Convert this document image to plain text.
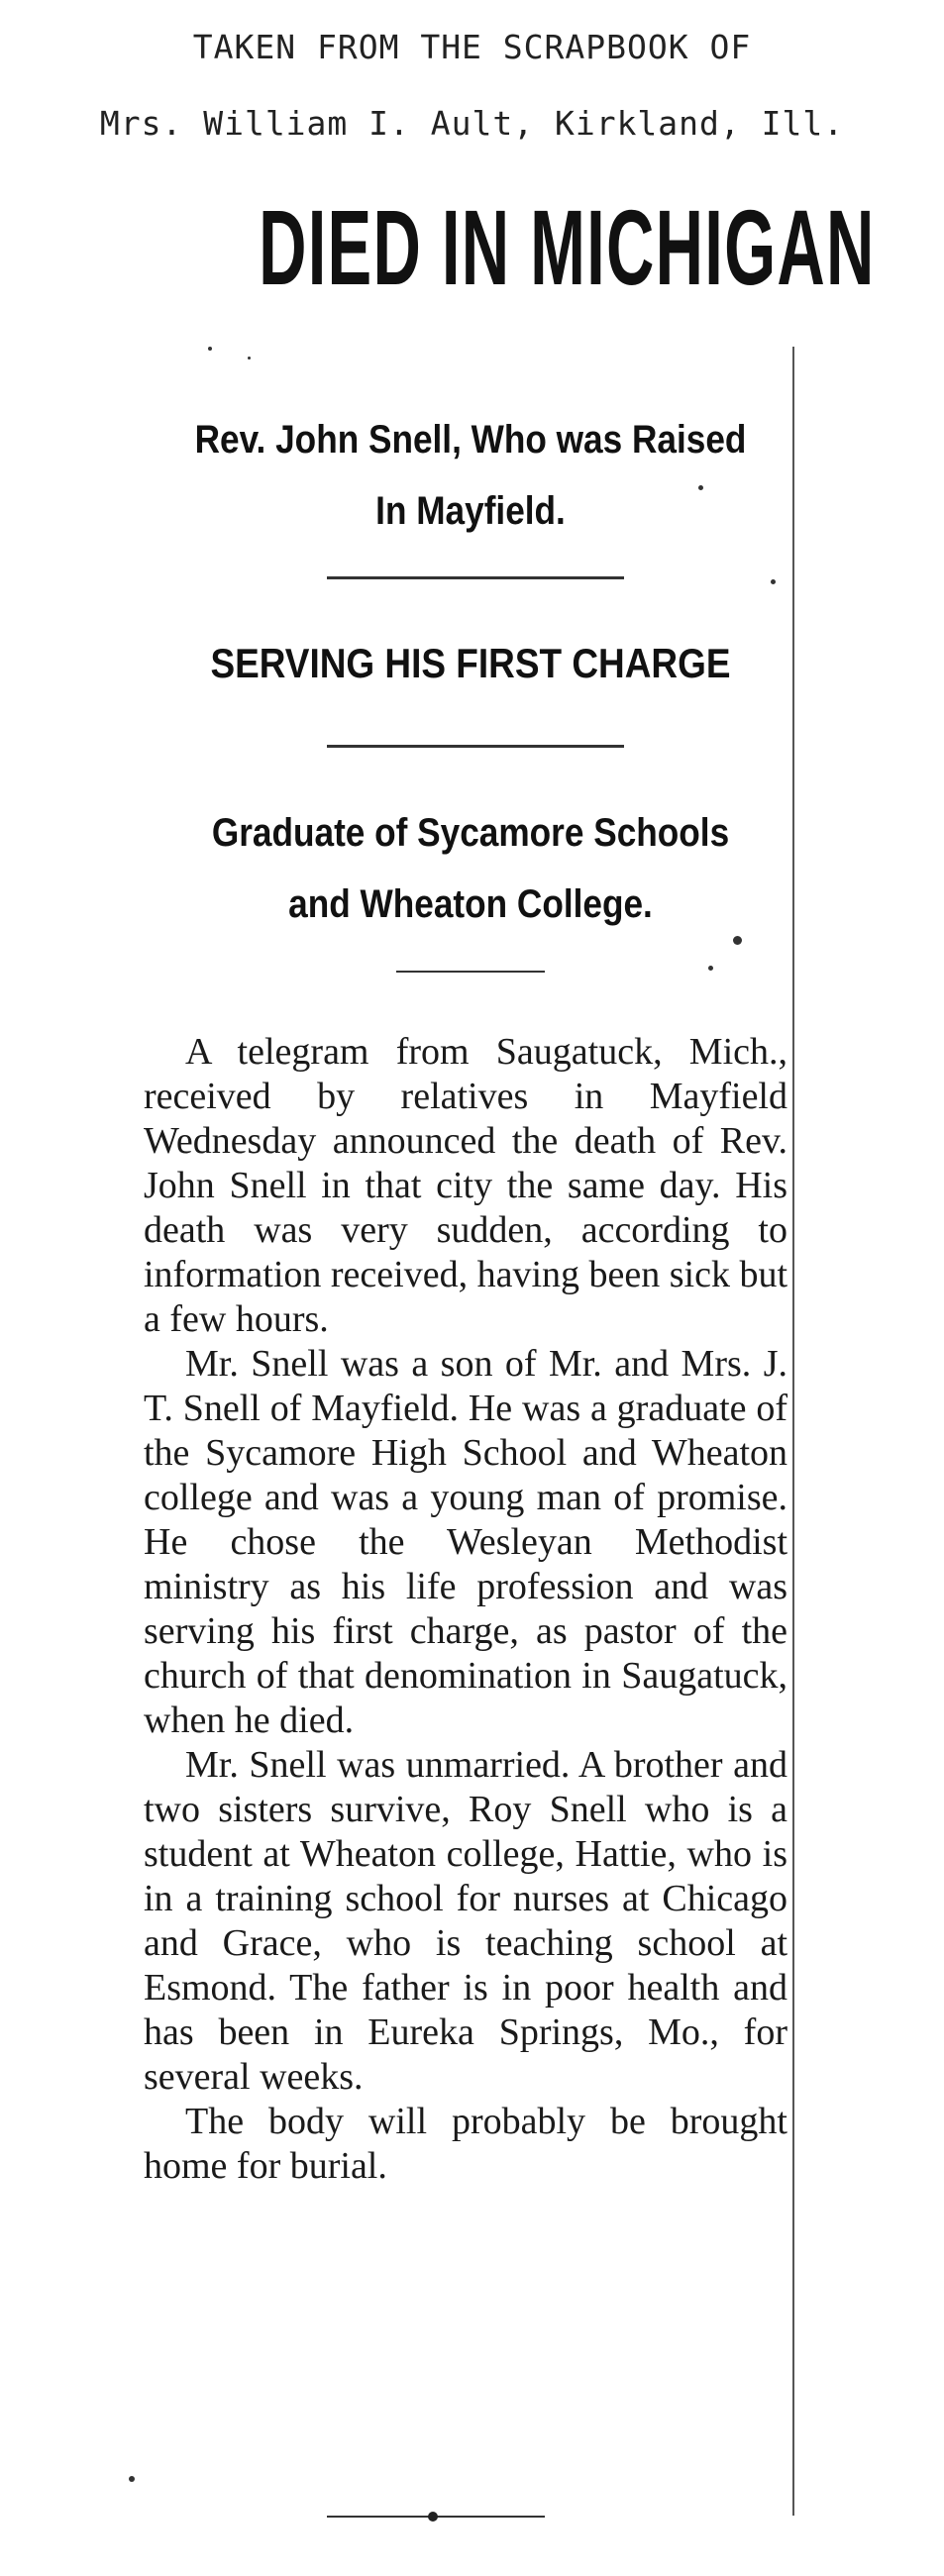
TAKEN FROM THE SCRAPBOOK OF
Mrs. William I. Ault, Kirkland, Ill.
DIED IN MICHIGAN
Rev. John Snell, Who was Raised In Mayfield.
SERVING HIS FIRST CHARGE
Graduate of Sycamore Schools and Wheaton College.

A telegram from Saugatuck, Mich., received by relatives in Mayfield Wednesday announced the death of Rev. John Snell in that city the same day. His death was very sudden, according to information received, having been sick but a few hours.

Mr. Snell was a son of Mr. and Mrs. J. T. Snell of Mayfield. He was a graduate of the Sycamore High School and Wheaton college and was a young man of promise. He chose the Wesleyan Methodist ministry as his life profession and was serving his first charge, as pastor of the church of that denomination in Saugatuck, when he died.

Mr. Snell was unmarried. A brother and two sisters survive, Roy Snell who is a student at Wheaton college, Hattie, who is in a training school for nurses at Chicago and Grace, who is teaching school at Esmond. The father is in poor health and has been in Eureka Springs, Mo., for several weeks.

The body will probably be brought home for burial.
